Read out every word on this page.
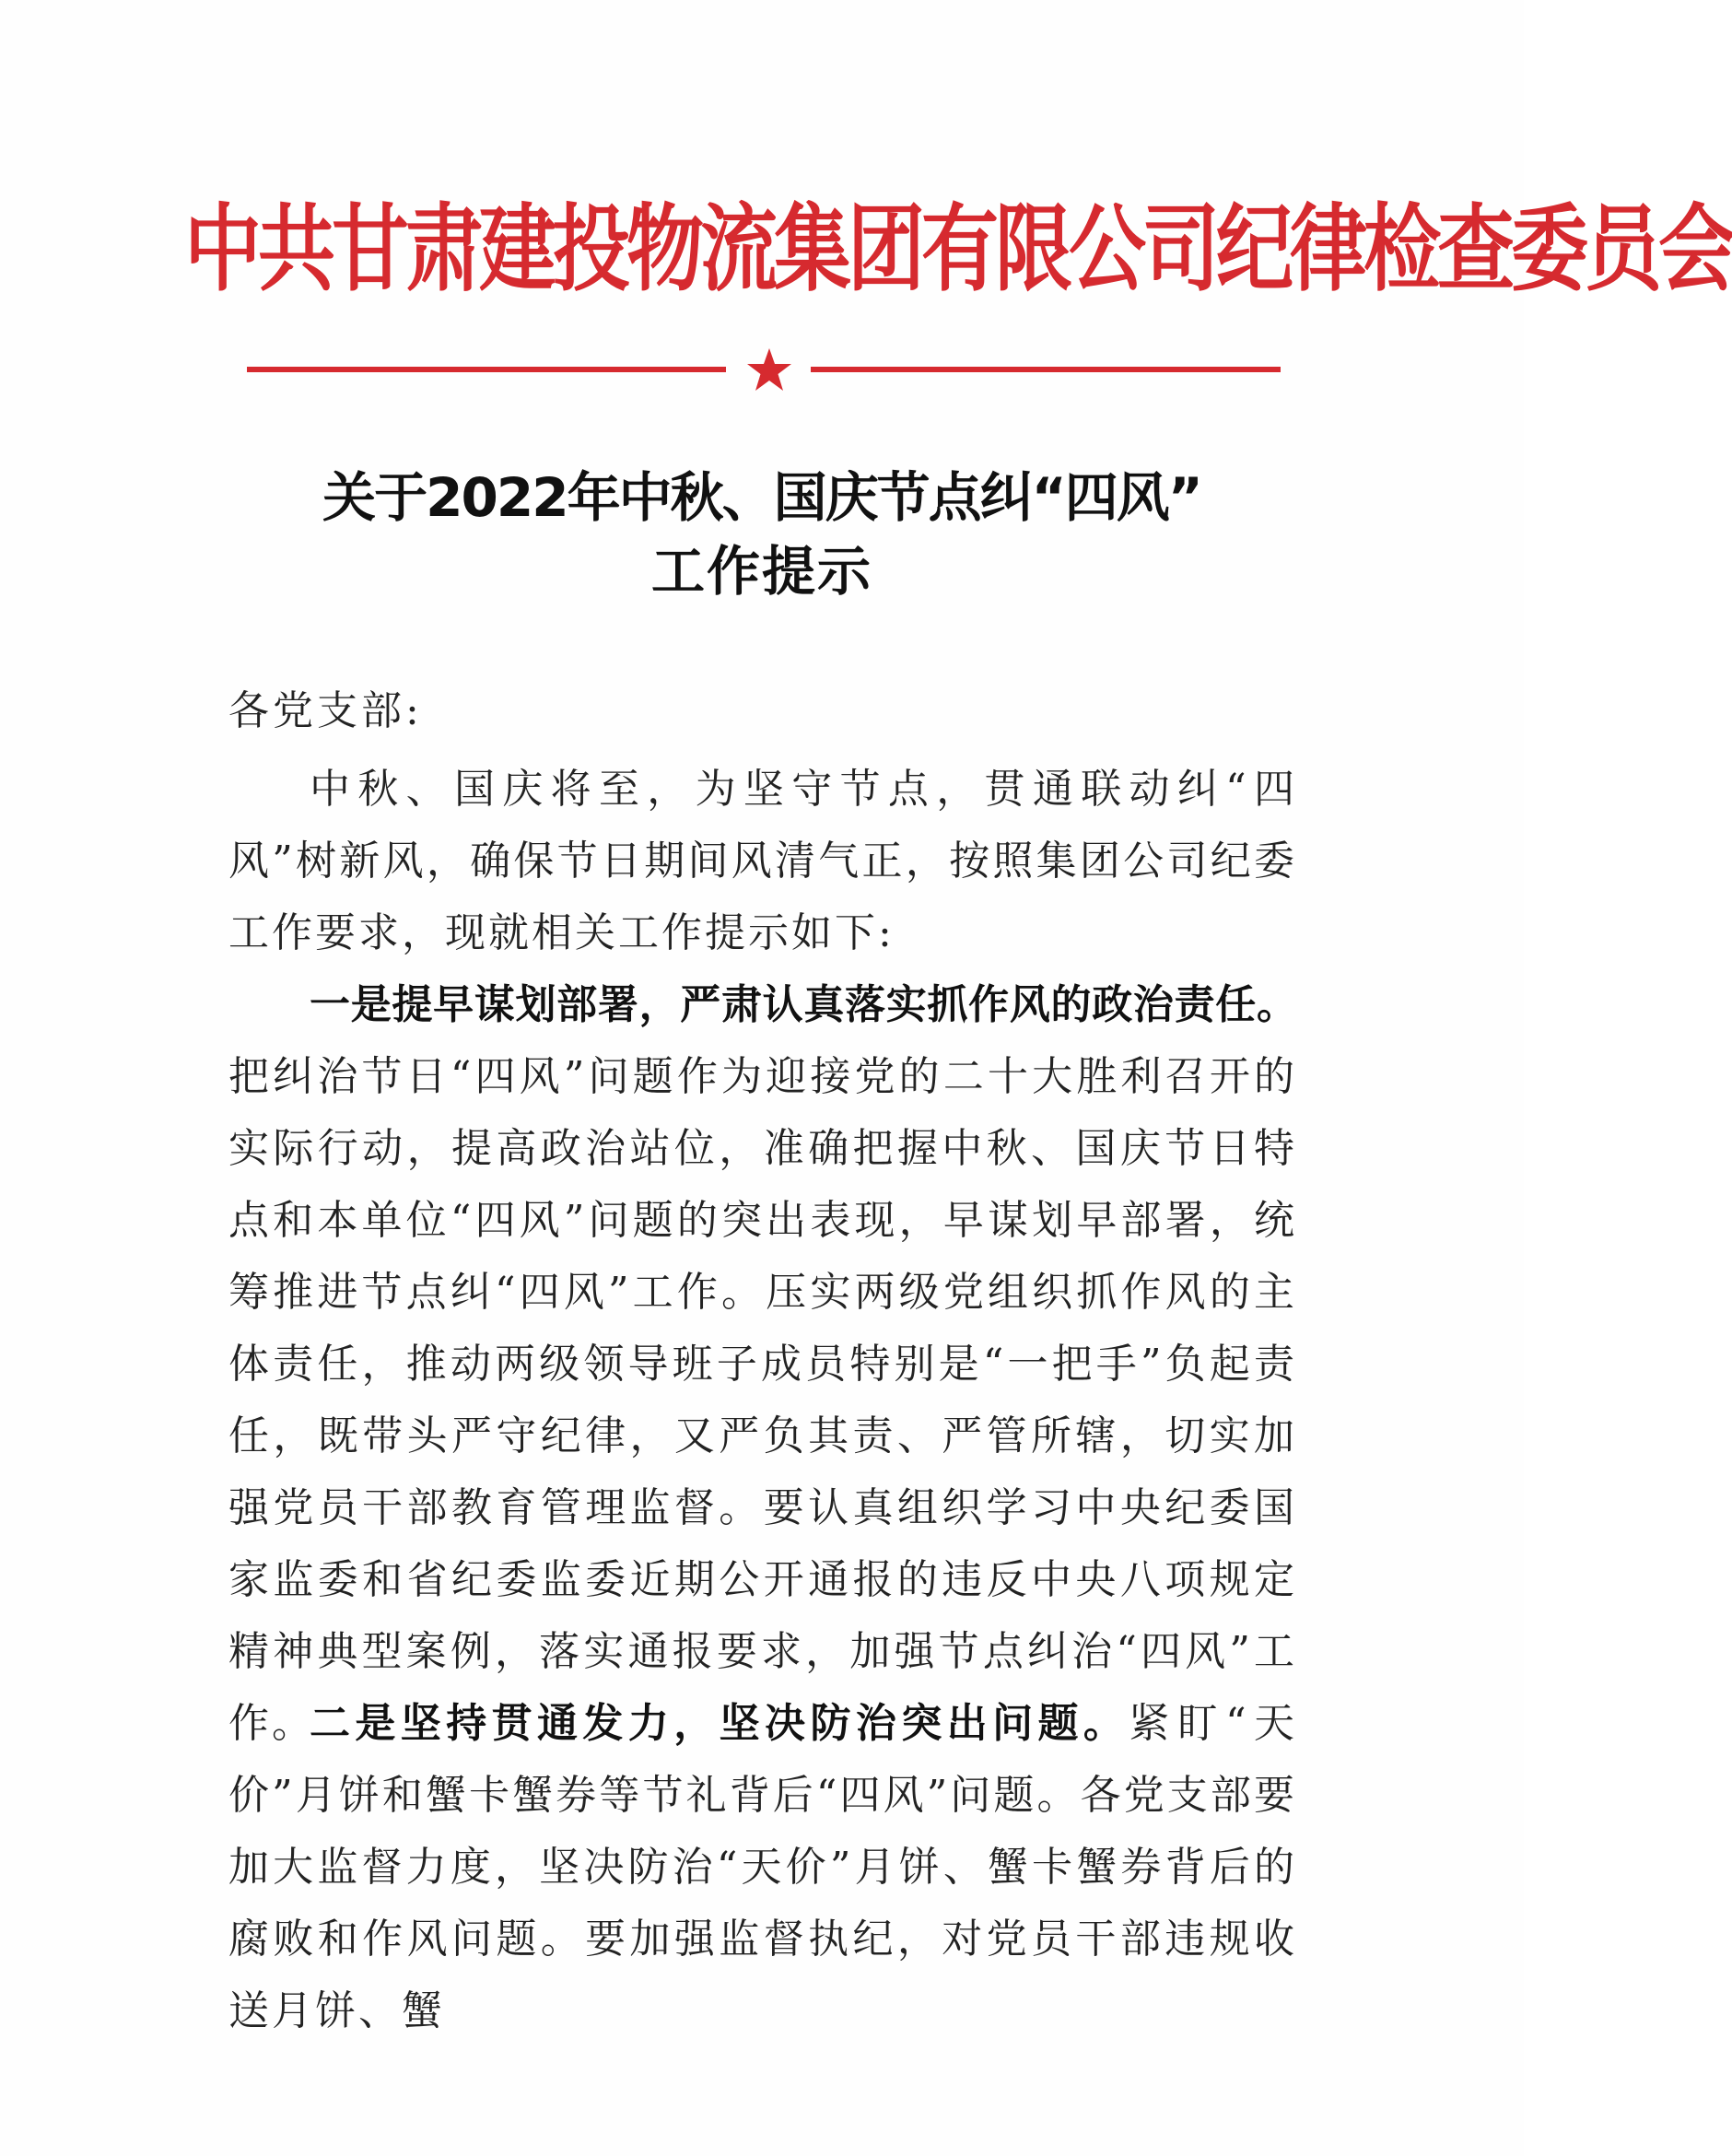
中共甘肃建投物流集团有限公司纪律检查委员会
关于2022年中秋、国庆节点纠“四风”
工作提示
各党支部:

中秋、国庆将至，为坚守节点，贯通联动纠“四风”树新风，确保节日期间风清气正，按照集团公司纪委工作要求，现就相关工作提示如下:

一是提早谋划部署，严肃认真落实抓作风的政治责任。把纠治节日“四风”问题作为迎接党的二十大胜利召开的实际行动，提高政治站位，准确把握中秋、国庆节日特点和本单位“四风”问题的突出表现，早谋划早部署，统筹推进节点纠“四风”工作。压实两级党组织抓作风的主体责任，推动两级领导班子成员特别是“一把手”负起责任，既带头严守纪律，又严负其责、严管所辖，切实加强党员干部教育管理监督。要认真组织学习中央纪委国家监委和省纪委监委近期公开通报的违反中央八项规定精神典型案例，落实通报要求，加强节点纠治“四风”工作。

二是坚持贯通发力，坚决防治突出问题。紧盯“天价”月饼和蟹卡蟹券等节礼背后“四风”问题。各党支部要加大监督力度，坚决防治“天价”月饼、蟹卡蟹券背后的腐败和作风问题。要加强监督执纪，对党员干部违规收送月饼、蟹
